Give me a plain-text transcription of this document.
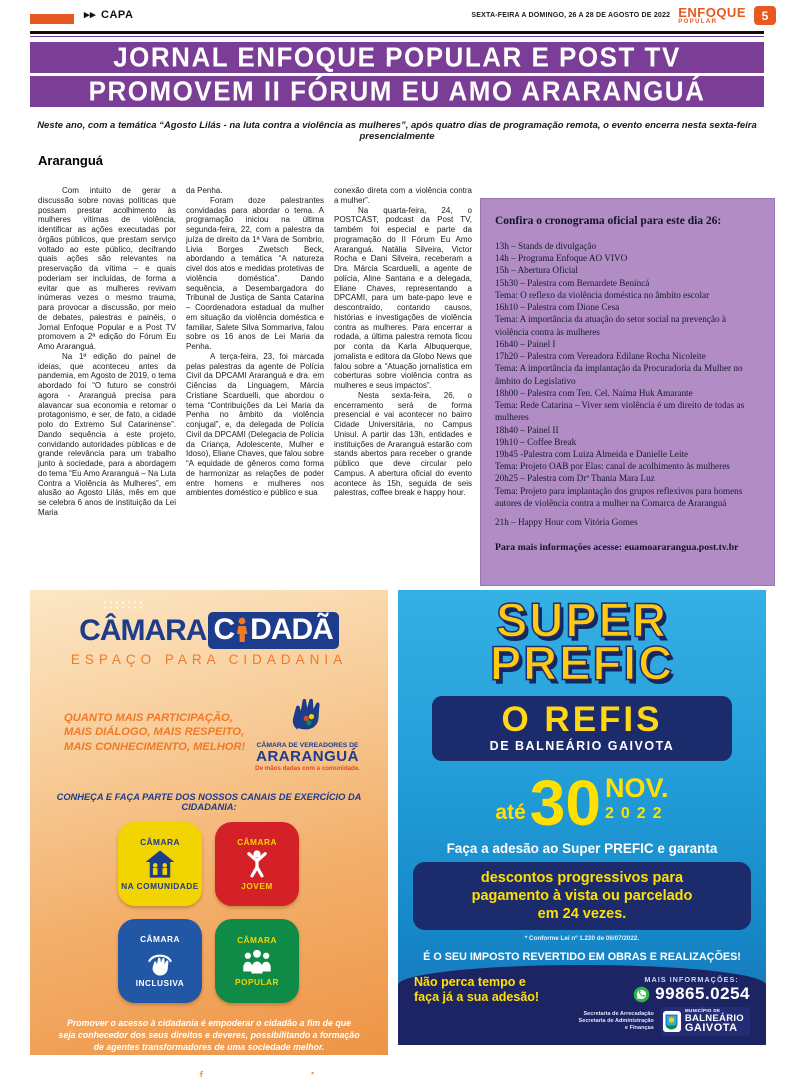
▸▸ CAPA	SEXTA-FEIRA A DOMINGO, 26 A 28 DE AGOSTO DE 2022 ENFOQUE
POPULAR	5
JORNAL ENFOQUE POPULAR E POST TV
PROMOVEM II FÓRUM EU AMO ARARANGUÁ
Neste ano, com a temática “Agosto Lilás - na luta contra a violência as mulheres”, após quatro dias de programação remota, o evento encerra nesta sexta-feira presencialmente
Araranguá

Com intuito de gerar a discussão sobre novas políticas que possam prestar acolhimento às mulheres vítimas de violência, identificar as ações executadas por órgãos públicos, que prestam serviço voltado ao este público, decifrando quais ações são relevantes na preservação da vítima – e quais poderiam ser incluídas, de forma a evitar que as mulheres revivam inúmeras vezes o mesmo trauma, para provocar a discussão, por meio de debates, palestras e painéis, o Jornal Enfoque Popular e a Post TV promovem a 2ª edição do Fórum Eu Amo Araranguá.

Na 1ª edição do painel de ideias, que aconteceu antes da pandemia, em Agosto de 2019, o tema abordado foi “O futuro se constrói agora - Araranguá precisa para alavancar sua economia e retomar o protagonismo, e ser, de fato, a cidade polo do Extremo Sul Catarinense”. Dando sequência a este projeto, convidando autoridades públicas e de grande relevância para um trabalho junto à sociedade, para a abordagem do tema “Eu Amo Araranguá – Na Luta Contra a Violência às Mulheres”, em alusão ao Agosto Lilás, mês em que se celebra 6 anos de instituição da Lei Maria

da Penha.

Foram doze palestrantes convidadas para abordar o tema. A programação iniciou na última segunda-feira, 22, com a palestra da juíza de direito da 1ª Vara de Sombrio, Livia Borges Zwetsch Beck, abordando a temática “A natureza civel dos atos e medidas protetivas de violência doméstica”. Dando sequência, a Desembargadora do Tribunal de Justiça de Santa Catarina – Coordenadora estadual da mulher em situação da violência doméstica e familiar, Salete Silva Sommariva, falou sobre os 16 anos de Lei Maria da Penha.

A terça-feira, 23, foi marcada pelas palestras da agente de Polícia Civil da DPCAMI Araranguá e dra. em Ciências da Linguagem, Márcia Cristiane Scarduelli, que abordou o tema “Contribuições da Lei Maria da Penha no âmbito da violência conjugal”, e, da delegada de Polícia Civil da DPCAMI (Delegacia de Polícia da Criança, Adolescente, Mulher e Idoso), Eliane Chaves, que falou sobre “A equidade de gêneros como forma de harmonizar as relações de poder entre homens e mulheres nos ambientes doméstico e público e sua

conexão direta com a violência contra a mulher”.

Na quarta-feira, 24, o POSTCAST, podcast da Post TV, também foi especial e parte da programação do II Fórum Eu Amo Araranguá. Natália Silveira, Victor Rocha e Dani Silveira, receberam a Dra. Márcia Scarduelli, a agente de polícia, Aline Santana e a delegada, Eliane Chaves, representando a DPCAMI, para um bate-papo leve e descontraído, contando causos, histórias e investigações de violência contra as mulheres. Para encerrar a rodada, a última palestra remota ficou por conta da Karla Albuquerque, jornalista e editora da Globo News que falou sobre a “Atuação jornalística em coberturas sobre violência contra as mulheres e seus impactos”.

Nesta sexta-feira, 26, o encerramento será de forma presencial e vai acontecer no bairro Cidade Universitária, no Campus Unisul. A partir das 13h, entidades e instituições de Araranguá estarão com stands abertos para receber o grande público que deve circular pelo Campus. A abertura oficial do evento acontece às 15h, seguida de seis palestras, coffee break e happy hour.

Confira o cronograma oficial para este dia 26:
13h – Stands de divulgação
14h – Programa Enfoque AO VIVO
15h – Abertura Oficial
15h30 – Palestra com Bernardete Benincá
Tema: O reflexo da violência doméstica no âmbito escolar
16h10 – Palestra com Dione Cesa
Tema: A importância da atuação do setor social na prevenção à violência contra às mulheres
16h40 – Painel I
17h20 – Palestra com Vereadora Edilane Rocha Nicoleite
Tema: A importância da implantação da Procuradoria da Mulher no âmbito do Legislativo
18h00 – Palestra com Ten. Cel. Naíma Huk Amarante
Tema: Rede Catarina – Viver sem violência é um direito de todas as mulheres
18h40 – Painel II
19h10 – Coffee Break
19h45 -Palestra com Luiza Almeida e Danielle Leite
Tema: Projeto OAB por Elas: canal de acolhimento às mulheres
20h25 – Palestra com Drª Thania Mara Luz
Tema: Projeto para implantação dos grupos reflexivos para homens autores de violência contra a mulher na Comarca de Araranguá
21h – Happy Hour com Vitória Gomes
Para mais informações acesse: euamoararangua.post.tv.br
CÂMARA C DADÃ
ESPAÇO PARA CIDADANIA
QUANTO MAIS PARTICIPAÇÃO,
MAIS DIÁLOGO, MAIS RESPEITO,
MAIS CONHECIMENTO, MELHOR! CÂMARA DE VEREADORES DE
ARARANGUÁ
De mãos dadas com a comunidade.
CONHEÇA E FAÇA PARTE DOS NOSSOS CANAIS DE EXERCÍCIO DA CIDADANIA:
CÂMARA
NA COMUNIDADE
CÂMARA
JOVEM
CÂMARA
INCLUSIVA
CÂMARA
POPULAR
Promover o acesso à cidadania é empoderar o cidadão a fim de que
seja conhecedor dos seus direitos e deveres, possibilitando a formação
de agentes transformadores de uma sociedade melhor.
WWW.CMVA.SC.GOV.BR	CAMARAARARANGUA	CMVA
SUPER
PREFIC
O REFIS
DE BALNEÁRIO GAIVOTA
até 30 NOV.
2022
Faça a adesão ao Super PREFIC e garanta
descontos progressivos para
pagamento à vista ou parcelado
em 24 vezes.
* Conforme Lei nº 1.220 de 06/07/2022.
É O SEU IMPOSTO REVERTIDO EM OBRAS E REALIZAÇÕES!
Não perca tempo e
faça já a sua adesão!
MAIS INFORMAÇÕES:
99865.0254
Secretaria de Arrecadação
Secretaria de Administração
e Finanças
MUNICÍPIO DE
BALNEÁRIO
GAIVOTA
